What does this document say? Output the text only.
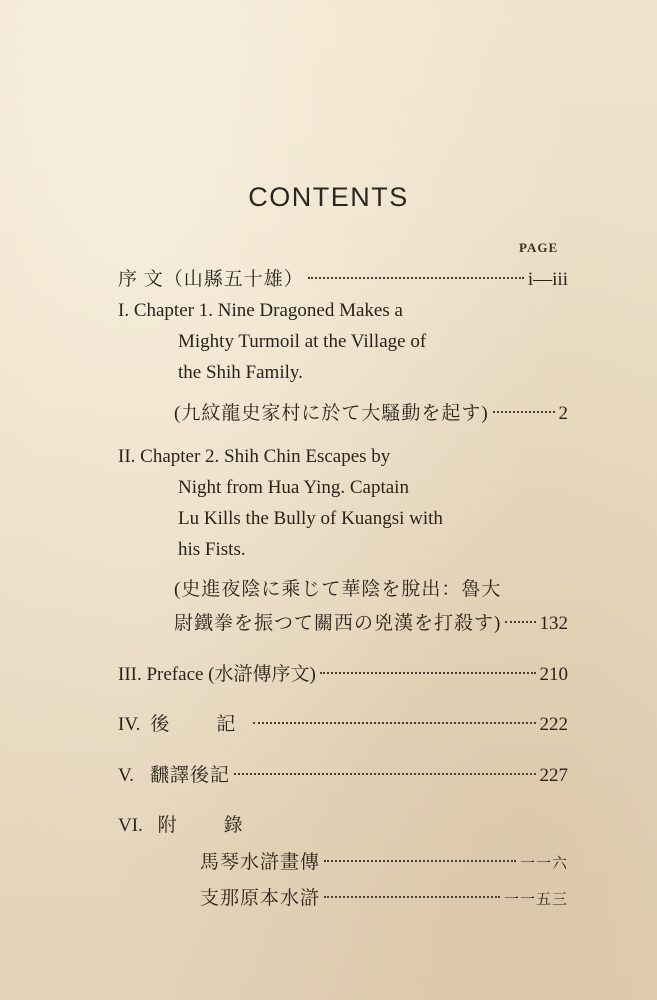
CONTENTS
PAGE
序 文（山縣五十雄）	i—iii
I. Chapter 1. Nine Dragoned Makes a
Mighty Turmoil at the Village of
the Shih Family.
(九紋龍史家村に於て大騷動を起す)	2
II. Chapter 2. Shih Chin Escapes by
Night from Hua Ying. Captain
Lu Kills the Bully of Kuangsi with
his Fists.
(史進夜陰に乘じて華陰を脫出：魯大
尉鐵拳を振つて關西の兇漢を打殺す) 132
III. Preface (水滸傳序文)	210
IV. 後　記	222
V. 飜譯後記	227
VI. 附　錄
馬琴水滸畫傳	一一六
支那原本水滸	一一五三
